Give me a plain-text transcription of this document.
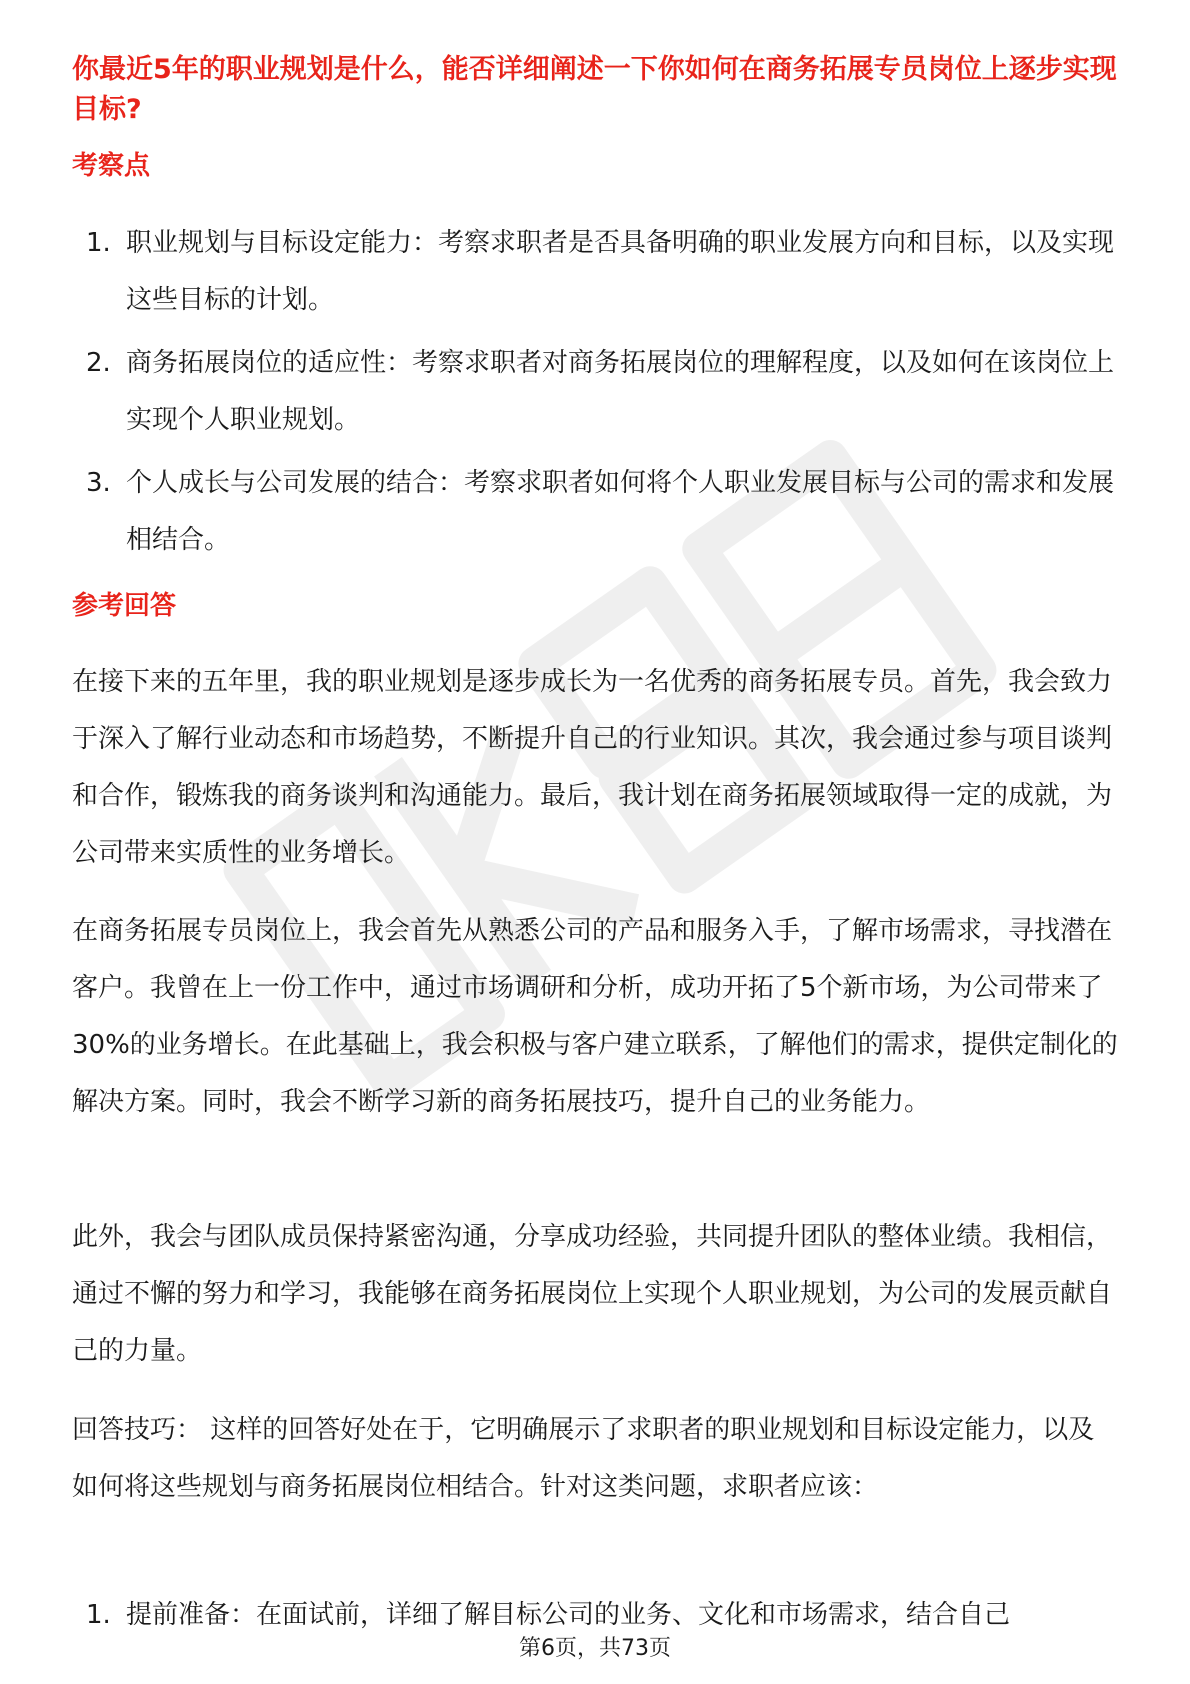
你最近5年的职业规划是什么，能否详细阐述一下你如何在商务拓展专员岗位上逐步实现目标?
考察点
1. 职业规划与目标设定能力：考察求职者是否具备明确的职业发展方向和目标，以及实现这些目标的计划。
2. 商务拓展岗位的适应性：考察求职者对商务拓展岗位的理解程度，以及如何在该岗位上实现个人职业规划。
3. 个人成长与公司发展的结合：考察求职者如何将个人职业发展目标与公司的需求和发展相结合。
参考回答

在接下来的五年里，我的职业规划是逐步成长为一名优秀的商务拓展专员。首先，我会致力于深入了解行业动态和市场趋势，不断提升自己的行业知识。其次，我会通过参与项目谈判和合作，锻炼我的商务谈判和沟通能力。最后，我计划在商务拓展领域取得一定的成就，为公司带来实质性的业务增长。

在商务拓展专员岗位上，我会首先从熟悉公司的产品和服务入手，了解市场需求，寻找潜在客户。我曾在上一份工作中，通过市场调研和分析，成功开拓了5个新市场，为公司带来了30%的业务增长。在此基础上，我会积极与客户建立联系，了解他们的需求，提供定制化的解决方案。同时，我会不断学习新的商务拓展技巧，提升自己的业务能力。

此外，我会与团队成员保持紧密沟通，分享成功经验，共同提升团队的整体业绩。我相信，通过不懈的努力和学习，我能够在商务拓展岗位上实现个人职业规划，为公司的发展贡献自己的力量。

回答技巧： 这样的回答好处在于，它明确展示了求职者的职业规划和目标设定能力，以及如何将这些规划与商务拓展岗位相结合。针对这类问题，求职者应该：

1. 提前准备：在面试前，详细了解目标公司的业务、文化和市场需求，结合自己
第6页，共73页
